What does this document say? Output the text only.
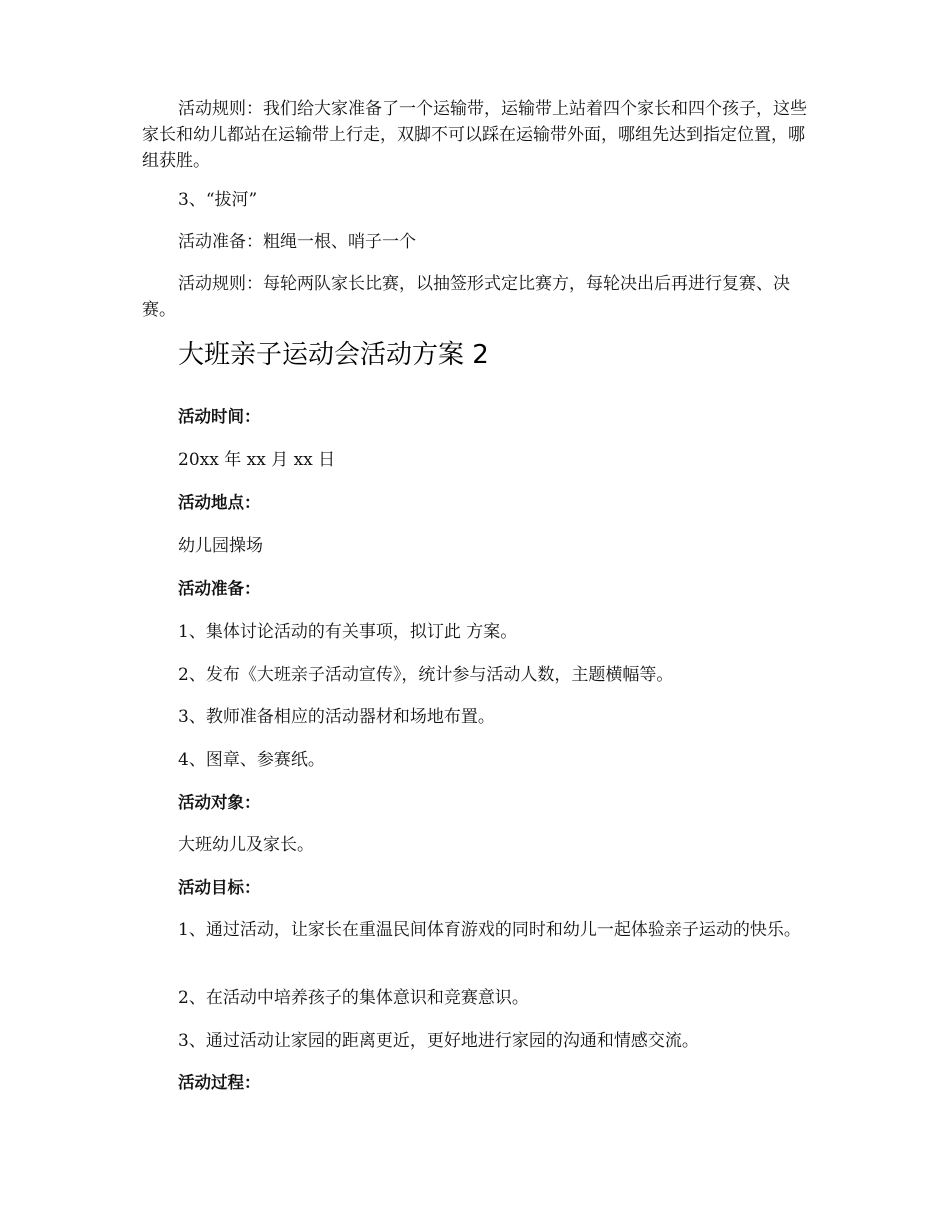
活动规则：我们给大家准备了一个运输带，运输带上站着四个家长和四个孩子，这些家长和幼儿都站在运输带上行走，双脚不可以踩在运输带外面，哪组先达到指定位置，哪组获胜。

3、“拔河”

活动准备：粗绳一根、哨子一个

活动规则：每轮两队家长比赛，以抽签形式定比赛方，每轮决出后再进行复赛、决赛。

大班亲子运动会活动方案 2

活动时间：

20xx 年 xx 月 xx 日

活动地点：

幼儿园操场

活动准备：

1、集体讨论活动的有关事项，拟订此 方案。

2、发布《大班亲子活动宣传》，统计参与活动人数，主题横幅等。

3、教师准备相应的活动器材和场地布置。

4、图章、参赛纸。

活动对象：

大班幼儿及家长。

活动目标：

1、通过活动，让家长在重温民间体育游戏的同时和幼儿一起体验亲子运动的快乐。

2、在活动中培养孩子的集体意识和竞赛意识。

3、通过活动让家园的距离更近，更好地进行家园的沟通和情感交流。

活动过程：
